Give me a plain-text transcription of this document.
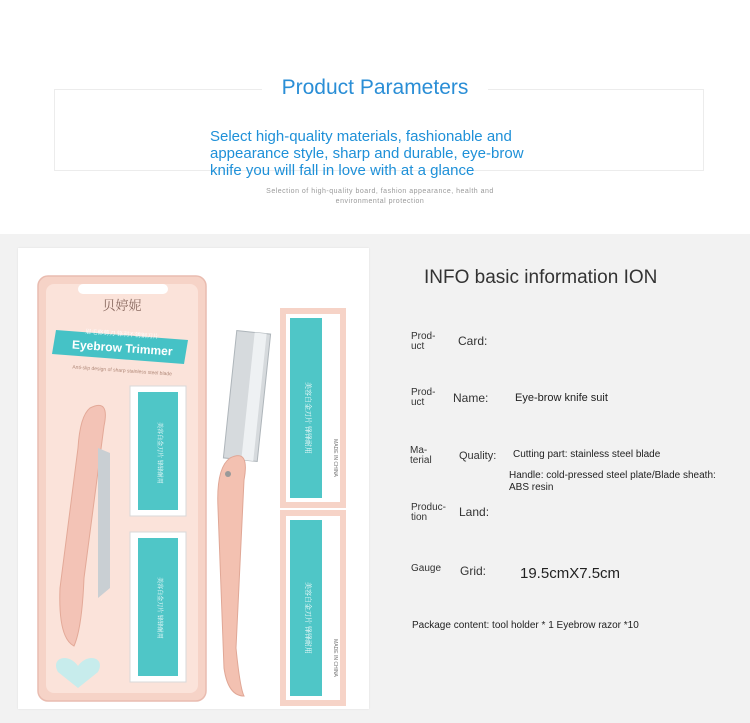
Product Parameters
Select high-quality materials, fashionable and appearance style, sharp and durable, eye-brow knife you will fall in love with at a glance
Selection of high-quality board, fashion appearance, health and
environmental protection
贝婷妮
Eyebrow Trimmer
眉毛修剪刀 锋利不锈钢刀片
Anti-slip design of sharp stainless steel blade
美容白金刀片 锋锋耐用
美容白金刀片 锋锋耐用
美容白金刀片 锋锋耐用
MADE IN CHINA
美容白金刀片 锋锋耐用
MADE IN CHINA
INFO basic information ION
Prod-
uct	Card:
Prod-
uct	Name: Eye-brow knife suit
Ma-
terial Quality: Cutting part: stainless steel blade
Handle: cold-pressed steel plate/Blade sheath:
ABS resin
Produc-
tion	Land:
Gauge Grid: 19.5cmX7.5cm
Package content: tool holder * 1 Eyebrow razor *10
